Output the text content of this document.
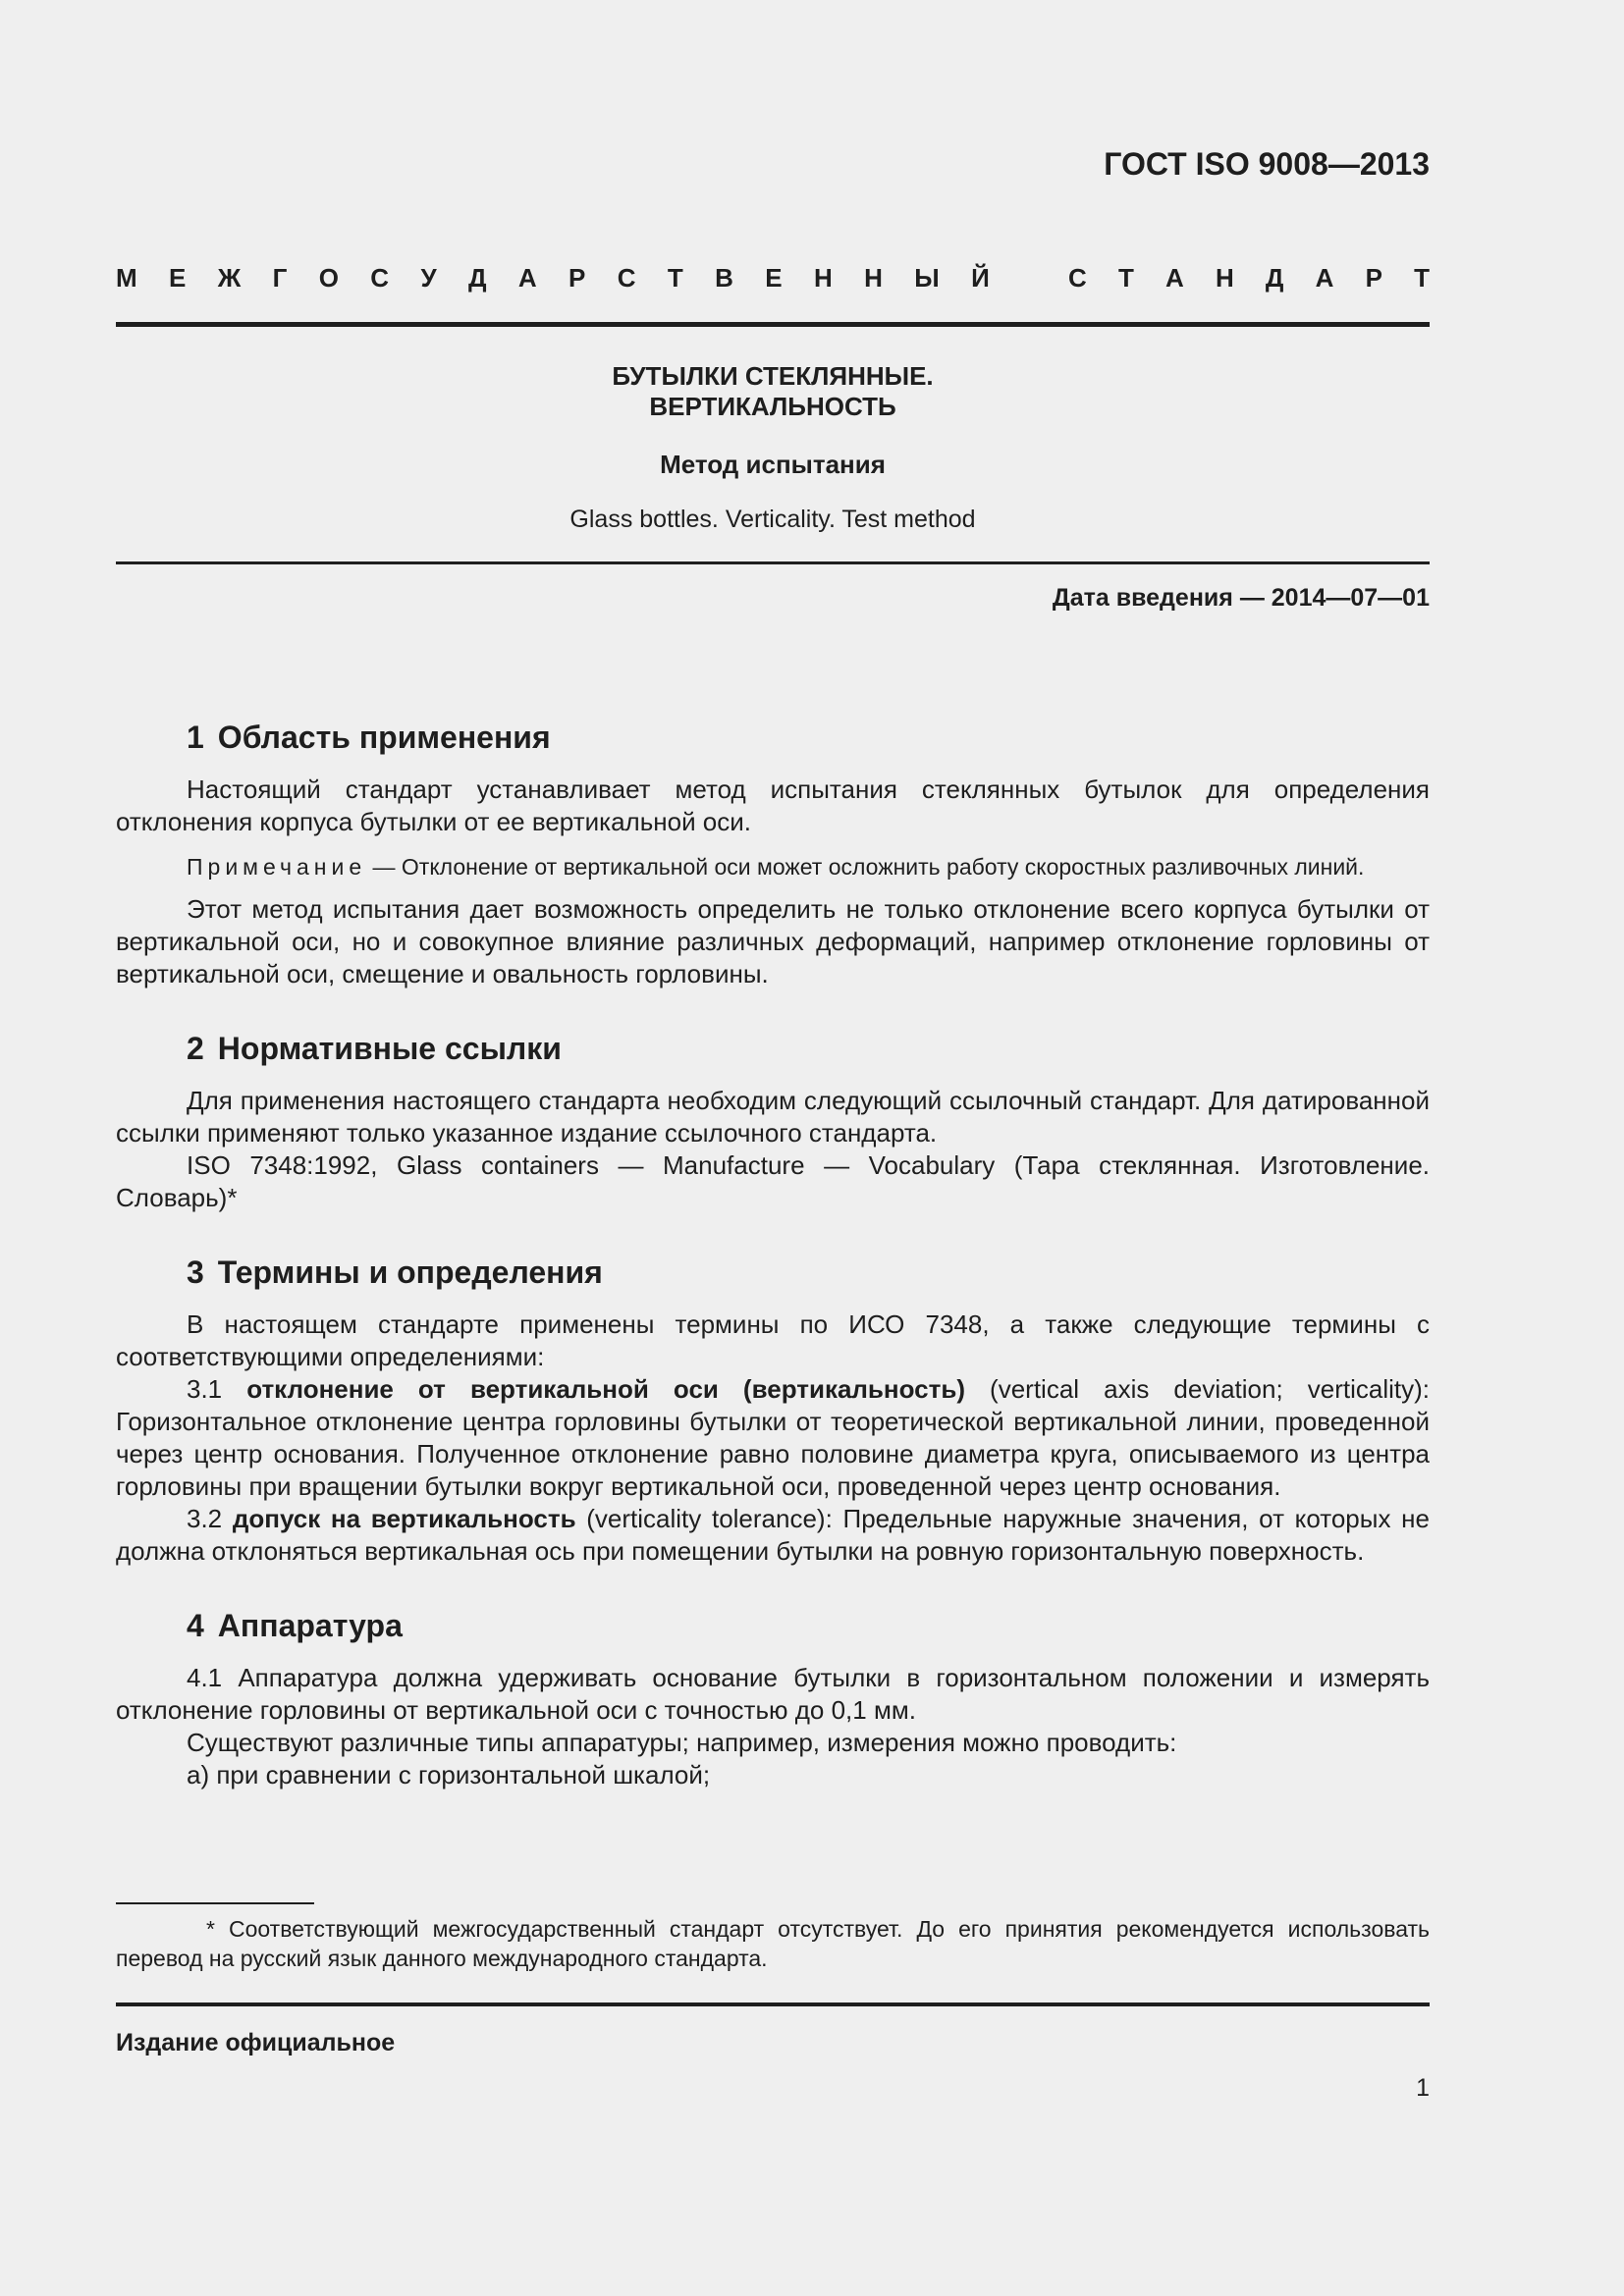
ГОСТ ISO 9008—2013
М Е Ж Г О С У Д А Р С Т В Е Н Н Ы Й	С Т А Н Д А Р Т
БУТЫЛКИ СТЕКЛЯННЫЕ.
ВЕРТИКАЛЬНОСТЬ
Метод испытания
Glass bottles. Verticality. Test method
Дата введения — 2014—07—01
1 Область применения

Настоящий стандарт устанавливает метод испытания стеклянных бутылок для определения отклонения корпуса бутылки от ее вертикальной оси.

Примечание — Отклонение от вертикальной оси может осложнить работу скоростных разливочных линий.

Этот метод испытания дает возможность определить не только отклонение всего корпуса бутылки от вертикальной оси, но и совокупное влияние различных деформаций, например отклонение горловины от вертикальной оси, смещение и овальность горловины.

2 Нормативные ссылки

Для применения настоящего стандарта необходим следующий ссылочный стандарт. Для датированной ссылки применяют только указанное издание ссылочного стандарта.

ISO 7348:1992, Glass containers — Manufacture — Vocabulary (Тара стеклянная. Изготовление. Словарь)*

3 Термины и определения

В настоящем стандарте применены термины по ИСО 7348, а также следующие термины с соответствующими определениями:

3.1 отклонение от вертикальной оси (вертикальность) (vertical axis deviation; verticality): Горизонтальное отклонение центра горловины бутылки от теоретической вертикальной линии, проведенной через центр основания. Полученное отклонение равно половине диаметра круга, описываемого из центра горловины при вращении бутылки вокруг вертикальной оси, проведенной через центр основания.

3.2 допуск на вертикальность (verticality tolerance): Предельные наружные значения, от которых не должна отклоняться вертикальная ось при помещении бутылки на ровную горизонтальную поверхность.

4 Аппаратура

4.1 Аппаратура должна удерживать основание бутылки в горизонтальном положении и измерять отклонение горловины от вертикальной оси с точностью до 0,1 мм.

Существуют различные типы аппаратуры; например, измерения можно проводить:

а) при сравнении с горизонтальной шкалой;

* Соответствующий межгосударственный стандарт отсутствует. До его принятия рекомендуется использовать перевод на русский язык данного международного стандарта.
Издание официальное
1
